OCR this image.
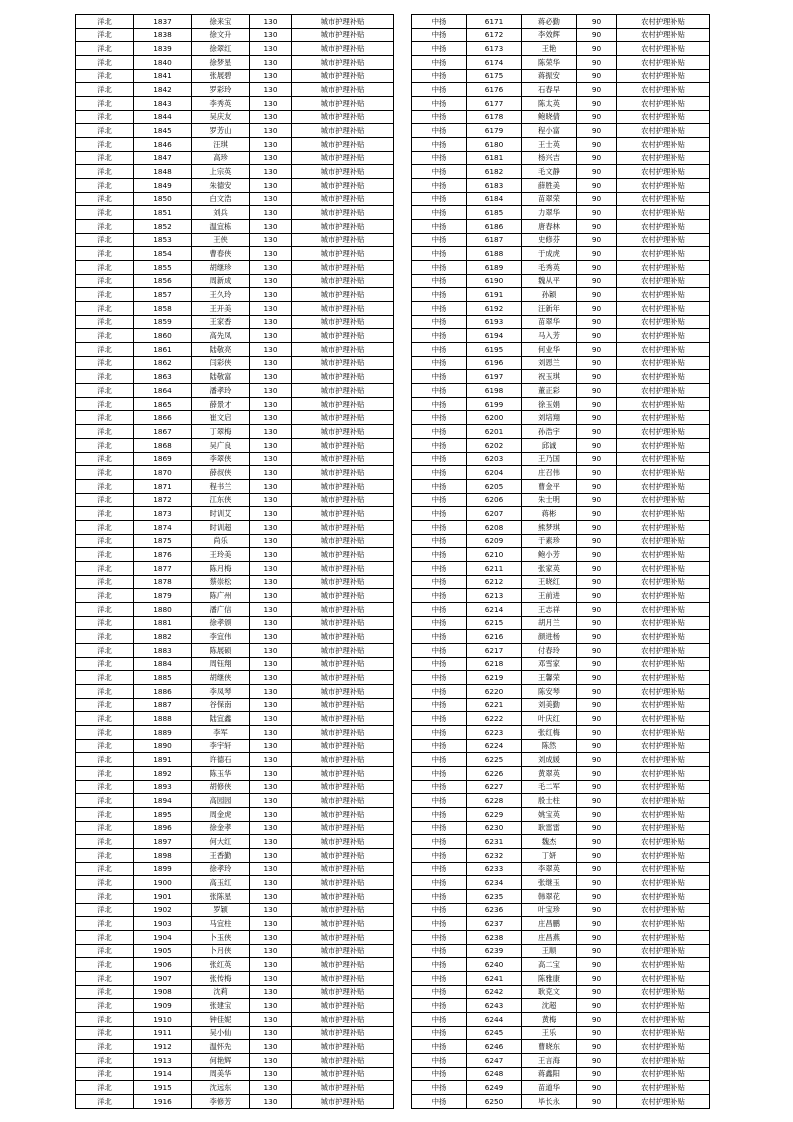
洋北	1837	徐来宝	130	城市护理补贴
洋北	1838	徐文升	130	城市护理补贴
洋北	1839	徐翠红	130	城市护理补贴
洋北	1840	徐梦星	130	城市护理补贴
洋北	1841	张展碧	130	城市护理补贴
洋北	1842	罗彩玲	130	城市护理补贴
洋北	1843	李秀英	130	城市护理补贴
洋北	1844	吴庆友	130	城市护理补贴
洋北	1845	罗芳山	130	城市护理补贴
洋北	1846	汪琪	130	城市护理补贴
洋北	1847	高珍	130	城市护理补贴
洋北	1848	上宗英	130	城市护理补贴
洋北	1849	朱德安	130	城市护理补贴
洋北	1850	白文浩	130	城市护理补贴
洋北	1851	刘兵	130	城市护理补贴
洋北	1852	温宜栋	130	城市护理补贴
洋北	1853	王侠	130	城市护理补贴
洋北	1854	曹春侠	130	城市护理补贴
洋北	1855	胡继珍	130	城市护理补贴
洋北	1856	周新成	130	城市护理补贴
洋北	1857	王久玲	130	城市护理补贴
洋北	1858	王开美	130	城市护理补贴
洋北	1859	王家香	130	城市护理补贴
洋北	1860	高先凤	130	城市护理补贴
洋北	1861	陆敬亮	130	城市护理补贴
洋北	1862	闫彩侠	130	城市护理补贴
洋北	1863	陆敬富	130	城市护理补贴
洋北	1864	潘孝玲	130	城市护理补贴
洋北	1865	薛景才	130	城市护理补贴
洋北	1866	崔文启	130	城市护理补贴
洋北	1867	丁翠梅	130	城市护理补贴
洋北	1868	吴广良	130	城市护理补贴
洋北	1869	李翠侠	130	城市护理补贴
洋北	1870	薛叔侠	130	城市护理补贴
洋北	1871	程书兰	130	城市护理补贴
洋北	1872	江东侠	130	城市护理补贴
洋北	1873	时训艾	130	城市护理补贴
洋北	1874	时训超	130	城市护理补贴
洋北	1875	尚乐	130	城市护理补贴
洋北	1876	王玲美	130	城市护理补贴
洋北	1877	陈月梅	130	城市护理补贴
洋北	1878	蔡崇松	130	城市护理补贴
洋北	1879	陈广州	130	城市护理补贴
洋北	1880	潘广信	130	城市护理补贴
洋北	1881	徐孝颁	130	城市护理补贴
洋北	1882	李宜伟	130	城市护理补贴
洋北	1883	陈展硕	130	城市护理补贴
洋北	1884	周钰翔	130	城市护理补贴
洋北	1885	胡继侠	130	城市护理补贴
洋北	1886	李凤琴	130	城市护理补贴
洋北	1887	谷保南	130	城市护理补贴
洋北	1888	陆宜鑫	130	城市护理补贴
洋北	1889	李军	130	城市护理补贴
洋北	1890	李宇轩	130	城市护理补贴
洋北	1891	许德石	130	城市护理补贴
洋北	1892	陈玉华	130	城市护理补贴
洋北	1893	胡修侠	130	城市护理补贴
洋北	1894	高园园	130	城市护理补贴
洋北	1895	周金虎	130	城市护理补贴
洋北	1896	徐金孝	130	城市护理补贴
洋北	1897	何大红	130	城市护理补贴
洋北	1898	王香勤	130	城市护理补贴
洋北	1899	徐孝玲	130	城市护理补贴
洋北	1900	高玉红	130	城市护理补贴
洋北	1901	张陈星	130	城市护理补贴
洋北	1902	罗颖	130	城市护理补贴
洋北	1903	马宜柱	130	城市护理补贴
洋北	1904	卜玉侠	130	城市护理补贴
洋北	1905	卜月侠	130	城市护理补贴
洋北	1906	张红英	130	城市护理补贴
洋北	1907	张传梅	130	城市护理补贴
洋北	1908	沈莉	130	城市护理补贴
洋北	1909	张建宝	130	城市护理补贴
洋北	1910	钟佳妮	130	城市护理补贴
洋北	1911	吴小仙	130	城市护理补贴
洋北	1912	温怀先	130	城市护理补贴
洋北	1913	何艳辉	130	城市护理补贴
洋北	1914	周美华	130	城市护理补贴
洋北	1915	沈远东	130	城市护理补贴
洋北	1916	李修芳	130	城市护理补贴
中扬	6171	蒋必勤	90	农村护理补贴
中扬	6172	李效辉	90	农村护理补贴
中扬	6173	王艳	90	农村护理补贴
中扬	6174	陈荣华	90	农村护理补贴
中扬	6175	蒋振安	90	农村护理补贴
中扬	6176	石春早	90	农村护理补贴
中扬	6177	陈太英	90	农村护理补贴
中扬	6178	鲍晓倩	90	农村护理补贴
中扬	6179	程小富	90	农村护理补贴
中扬	6180	王士英	90	农村护理补贴
中扬	6181	杨兴吉	90	农村护理补贴
中扬	6182	毛文静	90	农村护理补贴
中扬	6183	薛胜美	90	农村护理补贴
中扬	6184	苗翠荣	90	农村护理补贴
中扬	6185	力翠华	90	农村护理补贴
中扬	6186	唐春林	90	农村护理补贴
中扬	6187	史修芬	90	农村护理补贴
中扬	6188	于成虎	90	农村护理补贴
中扬	6189	毛秀英	90	农村护理补贴
中扬	6190	魏从平	90	农村护理补贴
中扬	6191	孙颖	90	农村护理补贴
中扬	6192	汪新年	90	农村护理补贴
中扬	6193	苗翠华	90	农村护理补贴
中扬	6194	马入芳	90	农村护理补贴
中扬	6195	何业华	90	农村护理补贴
中扬	6196	刘恩兰	90	农村护理补贴
中扬	6197	祝玉琪	90	农村护理补贴
中扬	6198	董正彩	90	农村护理补贴
中扬	6199	徐玉娟	90	农村护理补贴
中扬	6200	刘培翔	90	农村护理补贴
中扬	6201	孙浩宇	90	农村护理补贴
中扬	6202	邱诚	90	农村护理补贴
中扬	6203	王乃国	90	农村护理补贴
中扬	6204	庄召伟	90	农村护理补贴
中扬	6205	曹金平	90	农村护理补贴
中扬	6206	朱士明	90	农村护理补贴
中扬	6207	蒋彬	90	农村护理补贴
中扬	6208	熊梦琪	90	农村护理补贴
中扬	6209	于素珍	90	农村护理补贴
中扬	6210	鲍小芳	90	农村护理补贴
中扬	6211	张家英	90	农村护理补贴
中扬	6212	王晓红	90	农村护理补贴
中扬	6213	王前进	90	农村护理补贴
中扬	6214	王志祥	90	农村护理补贴
中扬	6215	胡月兰	90	农村护理补贴
中扬	6216	颜进杨	90	农村护理补贴
中扬	6217	付春玲	90	农村护理补贴
中扬	6218	邓雪家	90	农村护理补贴
中扬	6219	王馨荣	90	农村护理补贴
中扬	6220	陈安琴	90	农村护理补贴
中扬	6221	刘美勤	90	农村护理补贴
中扬	6222	叶庆红	90	农村护理补贴
中扬	6223	张红梅	90	农村护理补贴
中扬	6224	陈然	90	农村护理补贴
中扬	6225	刘成媛	90	农村护理补贴
中扬	6226	黄翠英	90	农村护理补贴
中扬	6227	毛二军	90	农村护理补贴
中扬	6228	殷士柱	90	农村护理补贴
中扬	6229	姚宝英	90	农村护理补贴
中扬	6230	耿雷雷	90	农村护理补贴
中扬	6231	魏杰	90	农村护理补贴
中扬	6232	丁妍	90	农村护理补贴
中扬	6233	李翠英	90	农村护理补贴
中扬	6234	张继玉	90	农村护理补贴
中扬	6235	韩翠花	90	农村护理补贴
中扬	6236	叶宝珍	90	农村护理补贴
中扬	6237	庄昌鹏	90	农村护理补贴
中扬	6238	庄昌燕	90	农村护理补贴
中扬	6239	王顺	90	农村护理补贴
中扬	6240	高二宝	90	农村护理补贴
中扬	6241	陈雅康	90	农村护理补贴
中扬	6242	耿克文	90	农村护理补贴
中扬	6243	沈超	90	农村护理补贴
中扬	6244	黄梅	90	农村护理补贴
中扬	6245	王乐	90	农村护理补贴
中扬	6246	曹晓东	90	农村护理补贴
中扬	6247	王言海	90	农村护理补贴
中扬	6248	蒋鑫阳	90	农村护理补贴
中扬	6249	苗道华	90	农村护理补贴
中扬	6250	毕长永	90	农村护理补贴
